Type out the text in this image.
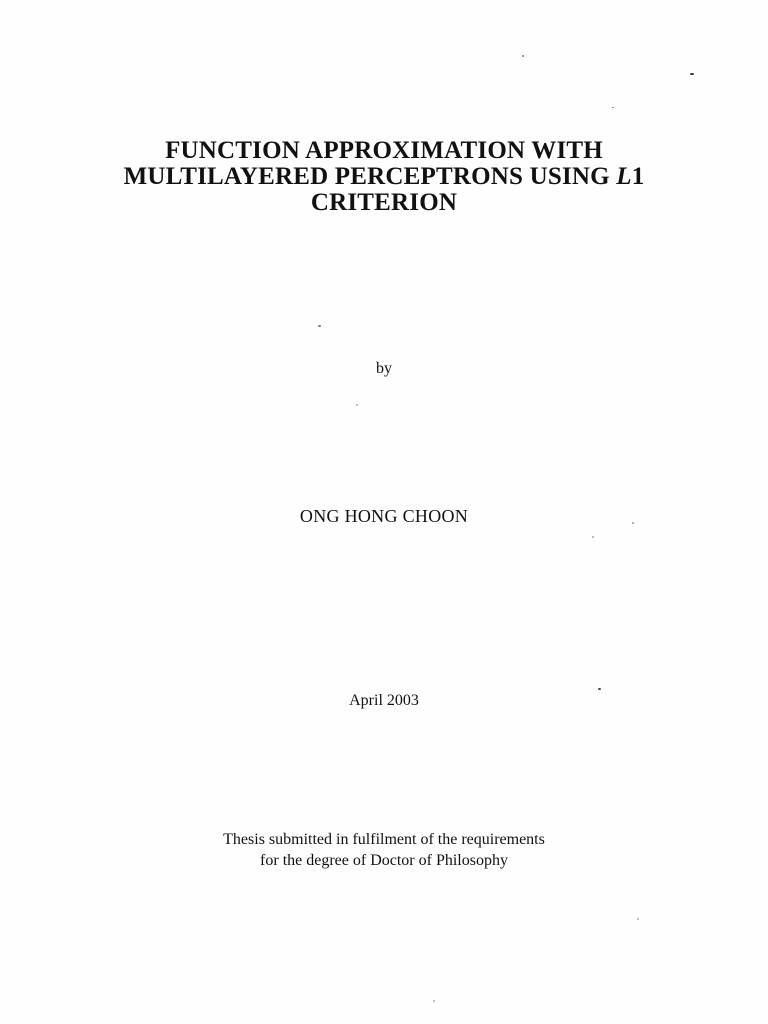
FUNCTION APPROXIMATION WITH
MULTILAYERED PERCEPTRONS USING L1
CRITERION
by
ONG HONG CHOON
April 2003
Thesis submitted in fulfilment of the requirements
for the degree of Doctor of Philosophy
